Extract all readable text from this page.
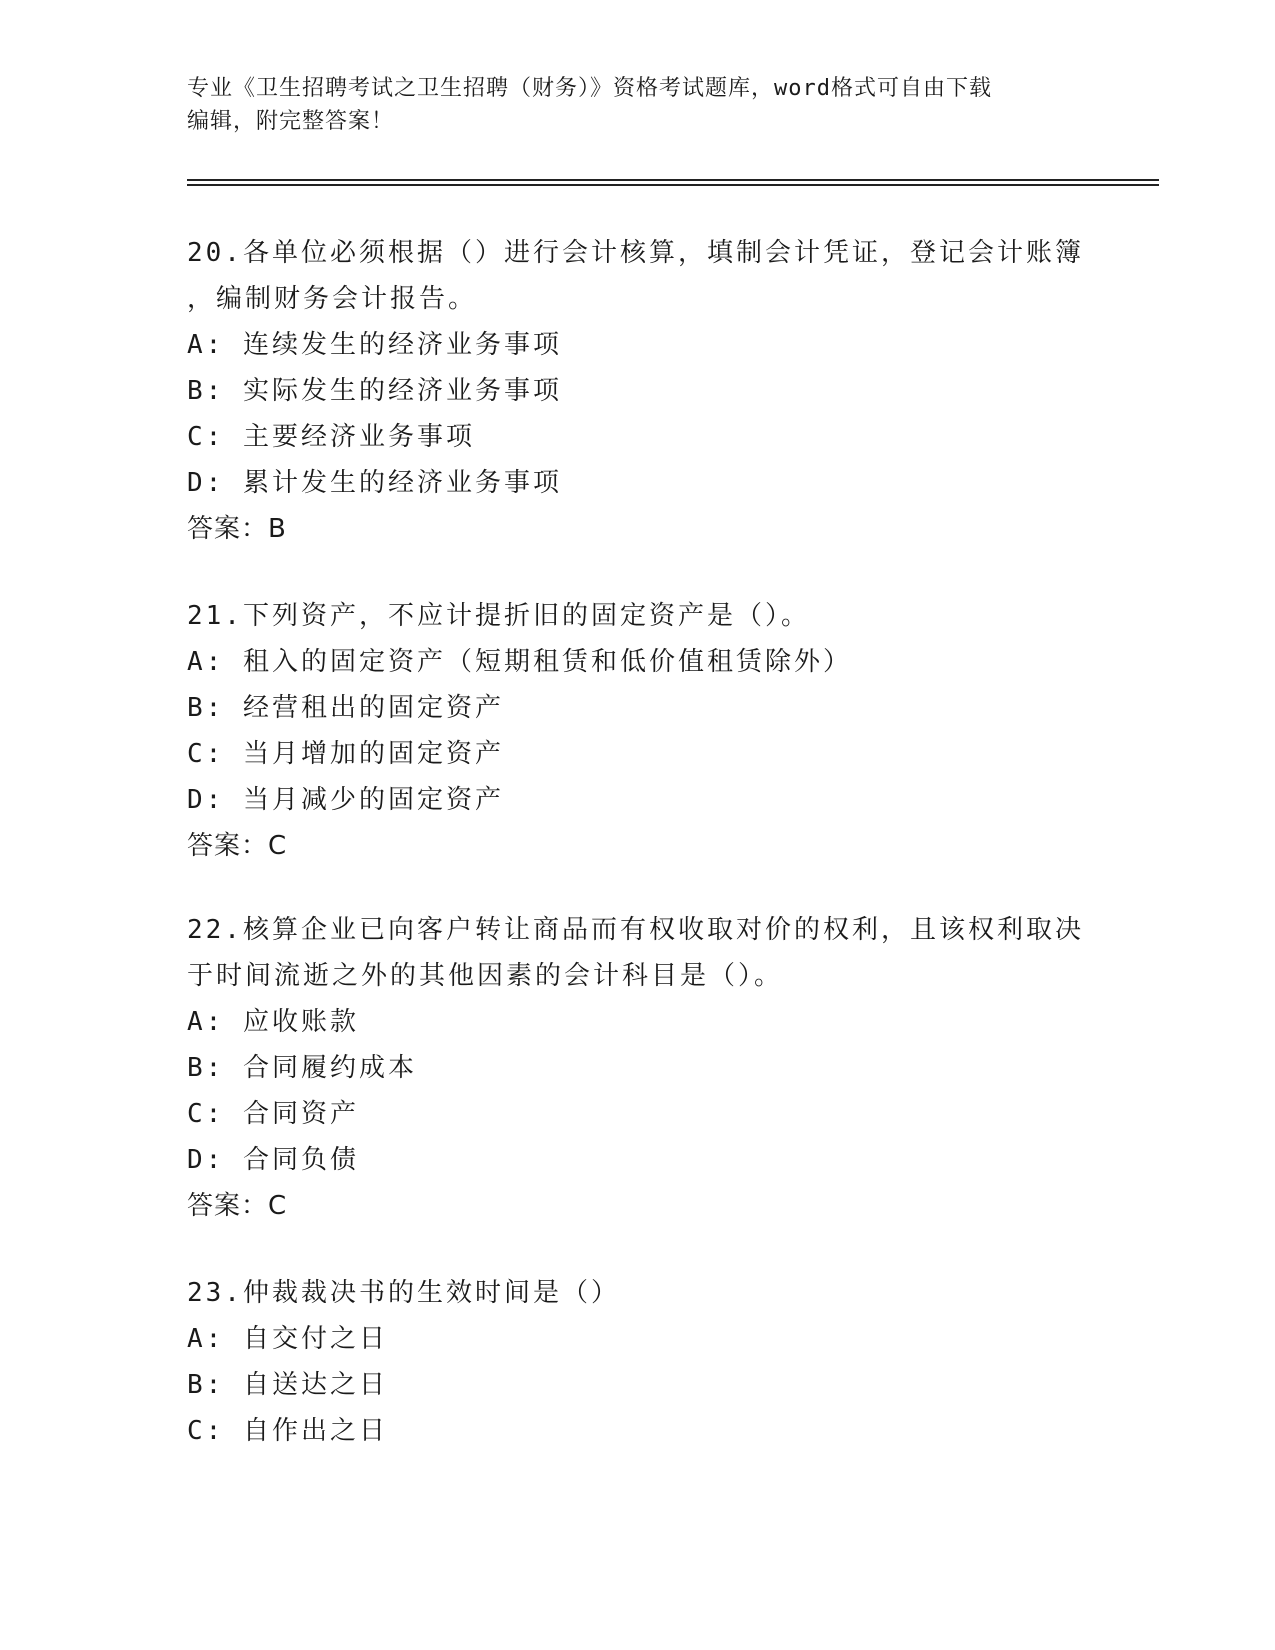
专业《卫生招聘考试之卫生招聘（财务）》资格考试题库，word格式可自由下载
编辑，附完整答案！
20.各单位必须根据（）进行会计核算，填制会计凭证，登记会计账簿
，编制财务会计报告。
A: 连续发生的经济业务事项
B: 实际发生的经济业务事项
C: 主要经济业务事项
D: 累计发生的经济业务事项
答案：B
21.下列资产，不应计提折旧的固定资产是（）。
A: 租入的固定资产（短期租赁和低价值租赁除外）
B: 经营租出的固定资产
C: 当月增加的固定资产
D: 当月减少的固定资产
答案：C
22.核算企业已向客户转让商品而有权收取对价的权利，且该权利取决
于时间流逝之外的其他因素的会计科目是（）。
A: 应收账款
B: 合同履约成本
C: 合同资产
D: 合同负债
答案：C
23.仲裁裁决书的生效时间是（）
A: 自交付之日
B: 自送达之日
C: 自作出之日
